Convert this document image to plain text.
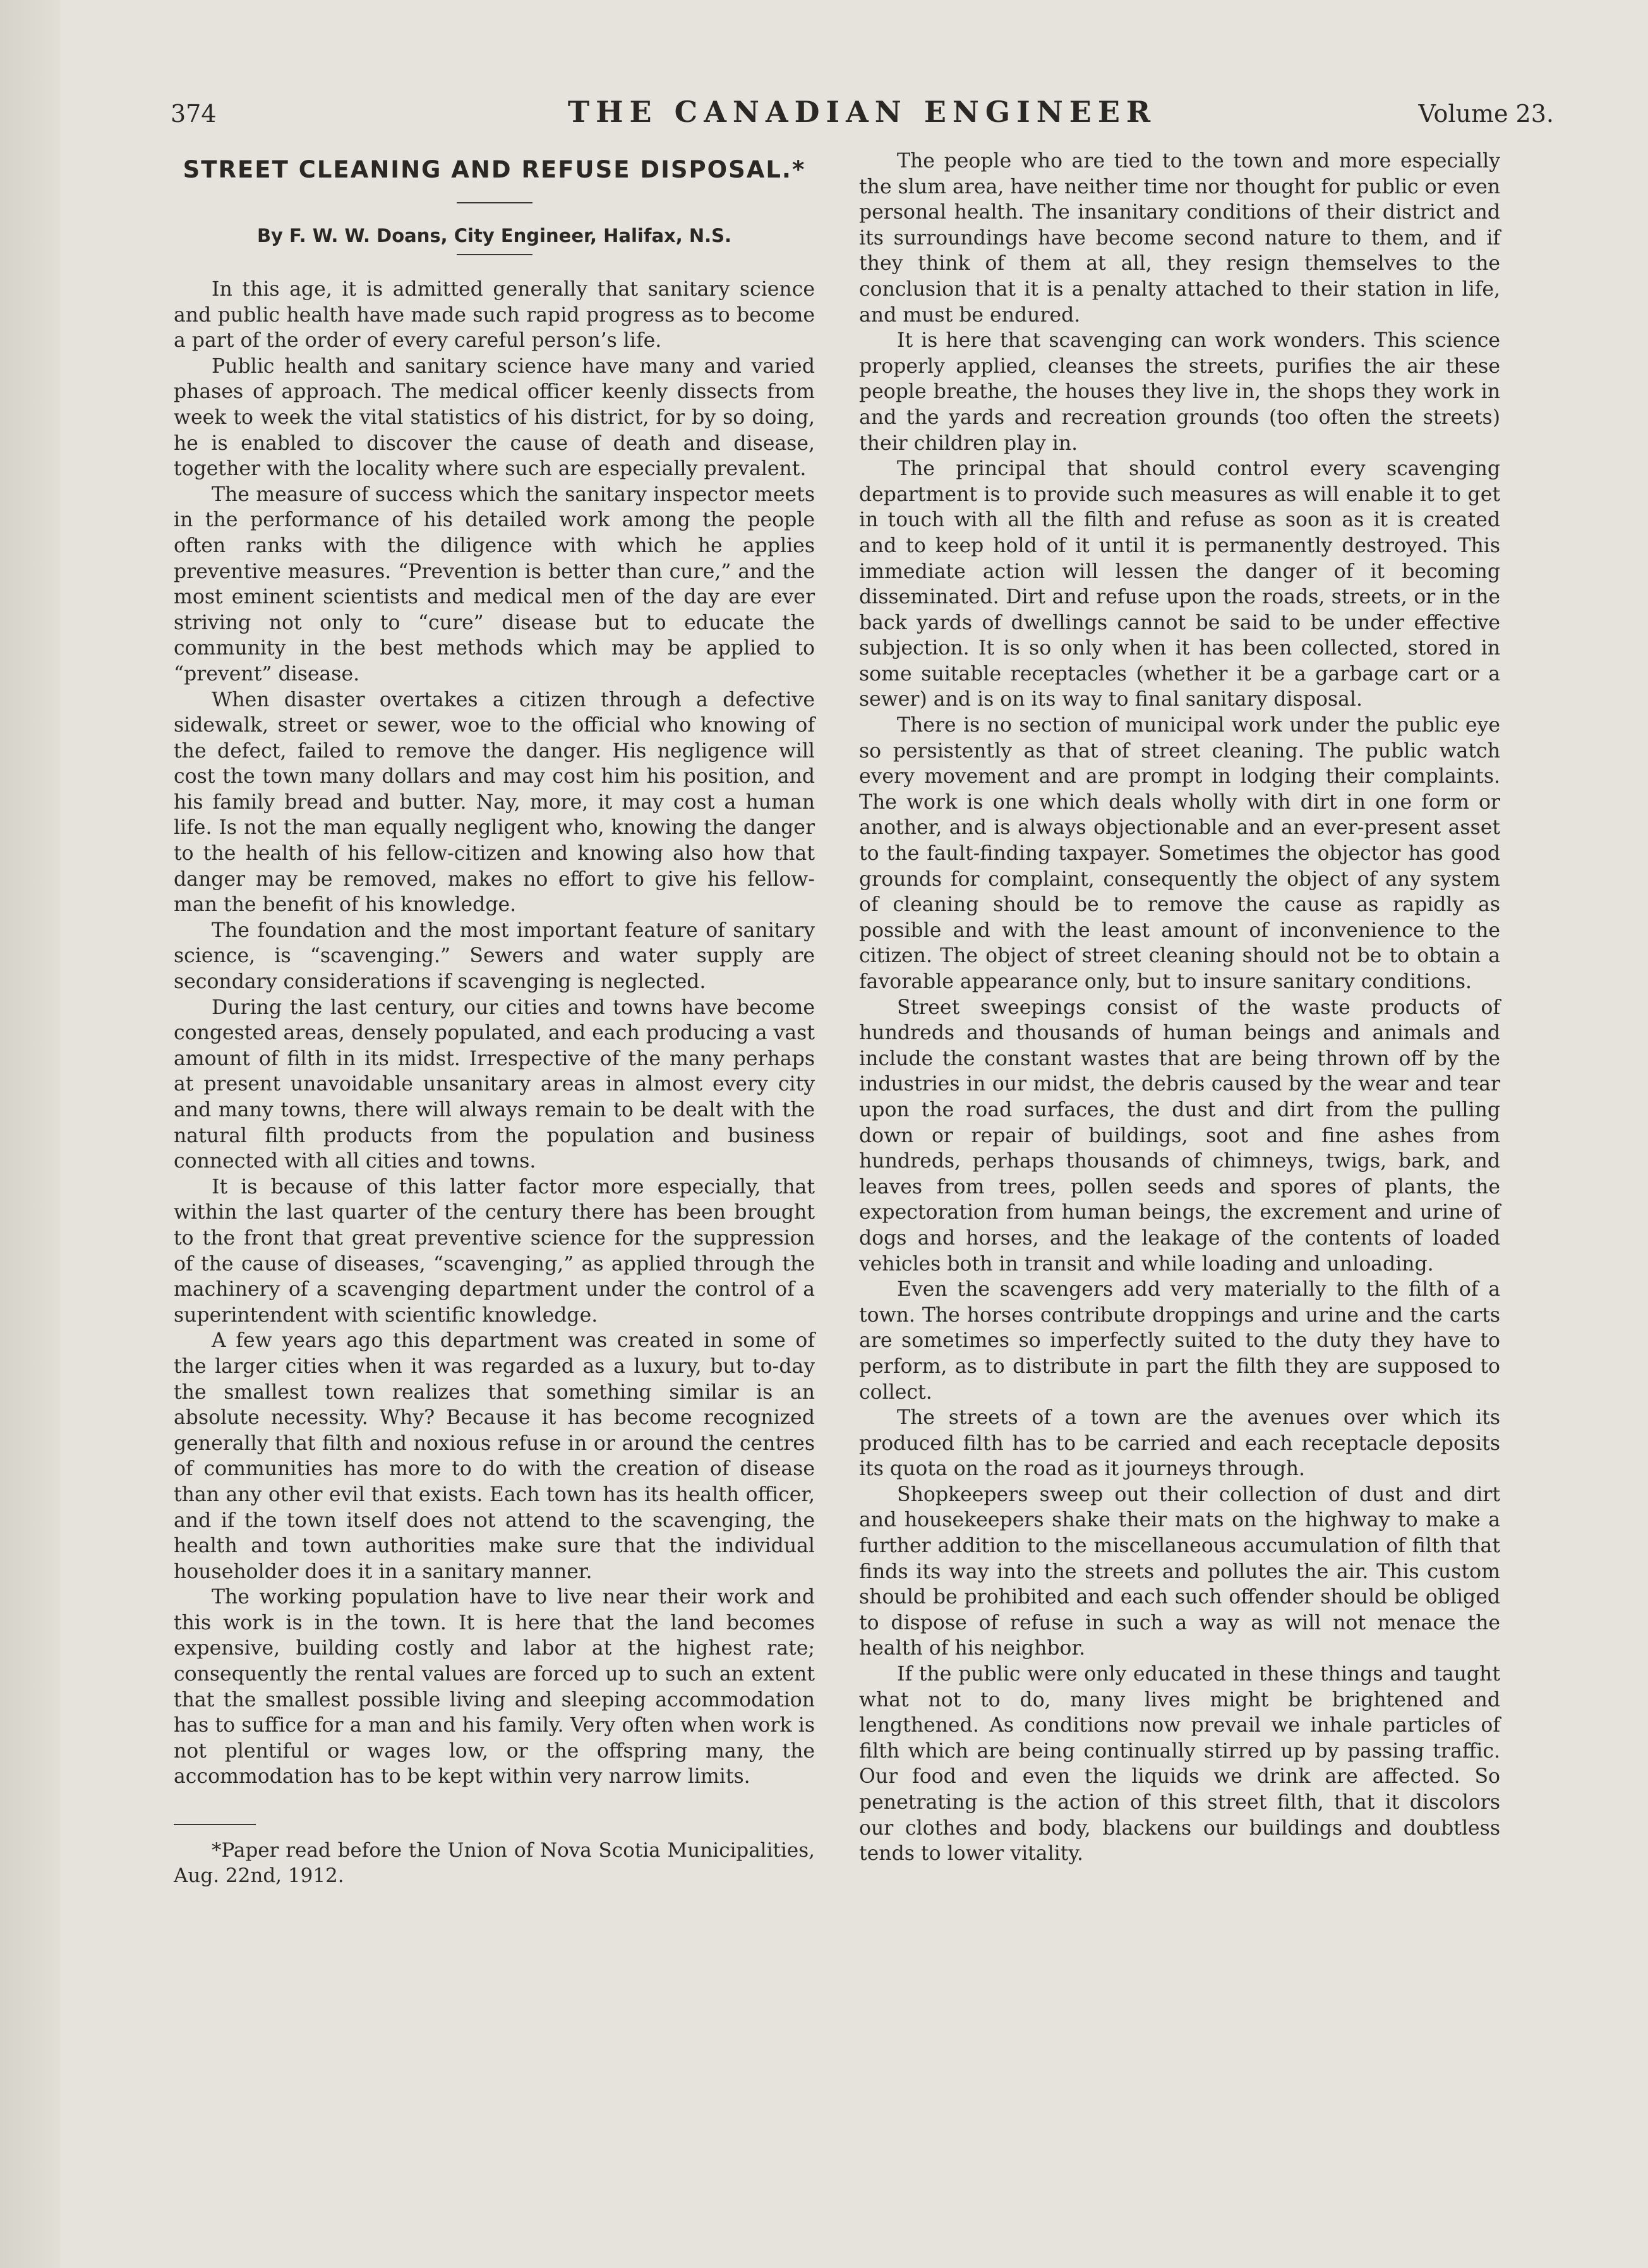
374	THE CANADIAN ENGINEER	Volume 23.
STREET CLEANING AND REFUSE DISPOSAL.*
By F. W. W. Doans, City Engineer, Halifax, N.S.

In this age, it is admitted generally that sanitary science and public health have made such rapid progress as to become a part of the order of every careful person’s life.

Public health and sanitary science have many and varied phases of approach. The medical officer keenly dissects from week to week the vital statistics of his district, for by so doing, he is enabled to discover the cause of death and disease, together with the locality where such are especially prevalent.

The measure of success which the sanitary inspector meets in the performance of his detailed work among the people often ranks with the diligence with which he applies preventive measures. “Prevention is better than cure,” and the most eminent scientists and medical men of the day are ever striving not only to “cure” disease but to educate the community in the best methods which may be applied to “prevent” disease.

When disaster overtakes a citizen through a defective sidewalk, street or sewer, woe to the official who knowing of the defect, failed to remove the danger. His negligence will cost the town many dollars and may cost him his position, and his family bread and butter. Nay, more, it may cost a human life. Is not the man equally negligent who, knowing the danger to the health of his fellow-citizen and knowing also how that danger may be removed, makes no effort to give his fellow-man the benefit of his knowledge.

The foundation and the most important feature of sanitary science, is “scavenging.” Sewers and water supply are secondary considerations if scavenging is neglected.

During the last century, our cities and towns have become congested areas, densely populated, and each producing a vast amount of filth in its midst. Irrespective of the many perhaps at present unavoidable unsanitary areas in almost every city and many towns, there will always remain to be dealt with the natural filth products from the population and business connected with all cities and towns.

It is because of this latter factor more especially, that within the last quarter of the century there has been brought to the front that great preventive science for the suppression of the cause of diseases, “scavenging,” as applied through the machinery of a scavenging department under the control of a superintendent with scientific knowledge.

A few years ago this department was created in some of the larger cities when it was regarded as a luxury, but to-day the smallest town realizes that something similar is an absolute necessity. Why? Because it has become recognized generally that filth and noxious refuse in or around the centres of communities has more to do with the creation of disease than any other evil that exists. Each town has its health officer, and if the town itself does not attend to the scavenging, the health and town authorities make sure that the individual householder does it in a sanitary manner.

The working population have to live near their work and this work is in the town. It is here that the land becomes expensive, building costly and labor at the highest rate; consequently the rental values are forced up to such an extent that the smallest possible living and sleeping accommodation has to suffice for a man and his family. Very often when work is not plentiful or wages low, or the offspring many, the accommodation has to be kept within very narrow limits.

*Paper read before the Union of Nova Scotia Municipalities, Aug. 22nd, 1912.

The people who are tied to the town and more especially the slum area, have neither time nor thought for public or even personal health. The insanitary conditions of their district and its surroundings have become second nature to them, and if they think of them at all, they resign themselves to the conclusion that it is a penalty attached to their station in life, and must be endured.

It is here that scavenging can work wonders. This science properly applied, cleanses the streets, purifies the air these people breathe, the houses they live in, the shops they work in and the yards and recreation grounds (too often the streets) their children play in.

The principal that should control every scavenging department is to provide such measures as will enable it to get in touch with all the filth and refuse as soon as it is created and to keep hold of it until it is permanently destroyed. This immediate action will lessen the danger of it becoming disseminated. Dirt and refuse upon the roads, streets, or in the back yards of dwellings cannot be said to be under effective subjection. It is so only when it has been collected, stored in some suitable receptacles (whether it be a garbage cart or a sewer) and is on its way to final sanitary disposal.

There is no section of municipal work under the public eye so persistently as that of street cleaning. The public watch every movement and are prompt in lodging their complaints. The work is one which deals wholly with dirt in one form or another, and is always objectionable and an ever-present asset to the fault-finding taxpayer. Sometimes the objector has good grounds for complaint, consequently the object of any system of cleaning should be to remove the cause as rapidly as possible and with the least amount of inconvenience to the citizen. The object of street cleaning should not be to obtain a favorable appearance only, but to insure sanitary conditions.

Street sweepings consist of the waste products of hundreds and thousands of human beings and animals and include the constant wastes that are being thrown off by the industries in our midst, the debris caused by the wear and tear upon the road surfaces, the dust and dirt from the pulling down or repair of buildings, soot and fine ashes from hundreds, perhaps thousands of chimneys, twigs, bark, and leaves from trees, pollen seeds and spores of plants, the expectoration from human beings, the excrement and urine of dogs and horses, and the leakage of the contents of loaded vehicles both in transit and while loading and unloading.

Even the scavengers add very materially to the filth of a town. The horses contribute droppings and urine and the carts are sometimes so imperfectly suited to the duty they have to perform, as to distribute in part the filth they are supposed to collect.

The streets of a town are the avenues over which its produced filth has to be carried and each receptacle deposits its quota on the road as it journeys through.

Shopkeepers sweep out their collection of dust and dirt and housekeepers shake their mats on the highway to make a further addition to the miscellaneous accumulation of filth that finds its way into the streets and pollutes the air. This custom should be prohibited and each such offender should be obliged to dispose of refuse in such a way as will not menace the health of his neighbor.

If the public were only educated in these things and taught what not to do, many lives might be brightened and lengthened. As conditions now prevail we inhale particles of filth which are being continually stirred up by passing traffic. Our food and even the liquids we drink are affected. So penetrating is the action of this street filth, that it discolors our clothes and body, blackens our buildings and doubtless tends to lower vitality.
